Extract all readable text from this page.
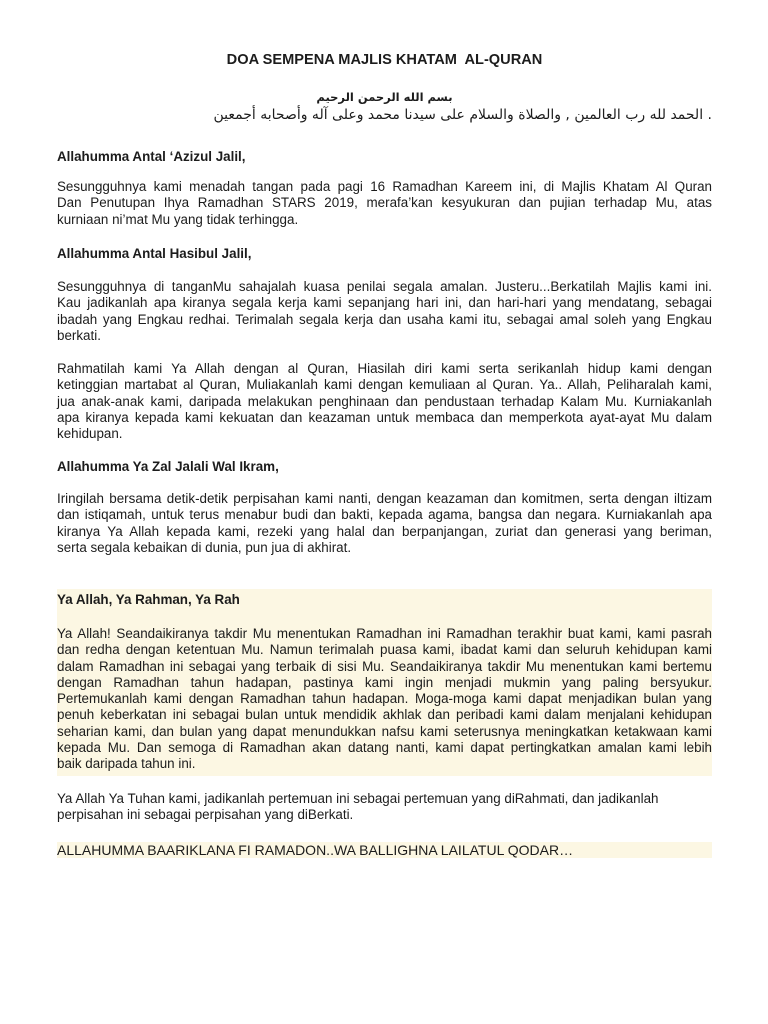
DOA SEMPENA MAJLIS KHATAM  AL-QURAN
بسم الله الرحمن الرحيم
. الحمد لله رب العالمين , والصلاة والسلام على سيدنا محمد وعلى آله وأصحابه أجمعين
Allahumma Antal ‘Azizul Jalil,
Sesungguhnya kami menadah tangan pada pagi 16 Ramadhan Kareem ini, di Majlis Khatam Al Quran
Dan Penutupan Ihya Ramadhan STARS 2019, merafa’kan kesyukuran dan pujian terhadap Mu, atas
kurniaan ni’mat Mu yang tidak terhingga.
Allahumma Antal Hasibul Jalil,
Sesungguhnya di tanganMu sahajalah kuasa penilai segala amalan. Justeru...Berkatilah Majlis kami ini.
Kau jadikanlah apa kiranya segala kerja kami sepanjang hari ini, dan hari-hari yang mendatang, sebagai
ibadah yang Engkau redhai. Terimalah segala kerja dan usaha kami itu, sebagai amal soleh yang Engkau
berkati.
Rahmatilah kami Ya Allah dengan al Quran, Hiasilah diri kami serta serikanlah hidup kami dengan
ketinggian martabat al Quran, Muliakanlah kami dengan kemuliaan al Quran. Ya.. Allah, Peliharalah kami,
jua anak-anak kami, daripada melakukan penghinaan dan pendustaan terhadap Kalam Mu. Kurniakanlah
apa kiranya kepada kami kekuatan dan keazaman untuk membaca dan memperkota ayat-ayat Mu dalam
kehidupan.
Allahumma Ya Zal Jalali Wal Ikram,
Iringilah bersama detik-detik perpisahan kami nanti, dengan keazaman dan komitmen, serta dengan iltizam
dan istiqamah, untuk terus menabur budi dan bakti, kepada agama, bangsa dan negara. Kurniakanlah apa
kiranya Ya Allah kepada kami, rezeki yang halal dan berpanjangan, zuriat dan generasi yang beriman,
serta segala kebaikan di dunia, pun jua di akhirat.
Ya Allah, Ya Rahman, Ya Rah
Ya Allah! Seandaikiranya takdir Mu menentukan Ramadhan ini Ramadhan terakhir buat kami, kami pasrah
dan redha dengan ketentuan Mu. Namun terimalah puasa kami, ibadat kami dan seluruh kehidupan kami
dalam Ramadhan ini sebagai yang terbaik di sisi Mu. Seandaikiranya takdir Mu menentukan kami bertemu
dengan Ramadhan tahun hadapan, pastinya kami ingin menjadi mukmin yang paling bersyukur.
Pertemukanlah kami dengan Ramadhan tahun hadapan. Moga-moga kami dapat menjadikan bulan yang
penuh keberkatan ini sebagai bulan untuk mendidik akhlak dan peribadi kami dalam menjalani kehidupan
seharian kami, dan bulan yang dapat menundukkan nafsu kami seterusnya meningkatkan ketakwaan kami
kepada Mu. Dan semoga di Ramadhan akan datang nanti, kami dapat pertingkatkan amalan kami lebih
baik daripada tahun ini.
Ya Allah Ya Tuhan kami, jadikanlah pertemuan ini sebagai pertemuan yang diRahmati, dan jadikanlah
perpisahan ini sebagai perpisahan yang diBerkati.
ALLAHUMMA BAARIKLANA FI RAMADON..WA BALLIGHNA LAILATUL QODAR…
